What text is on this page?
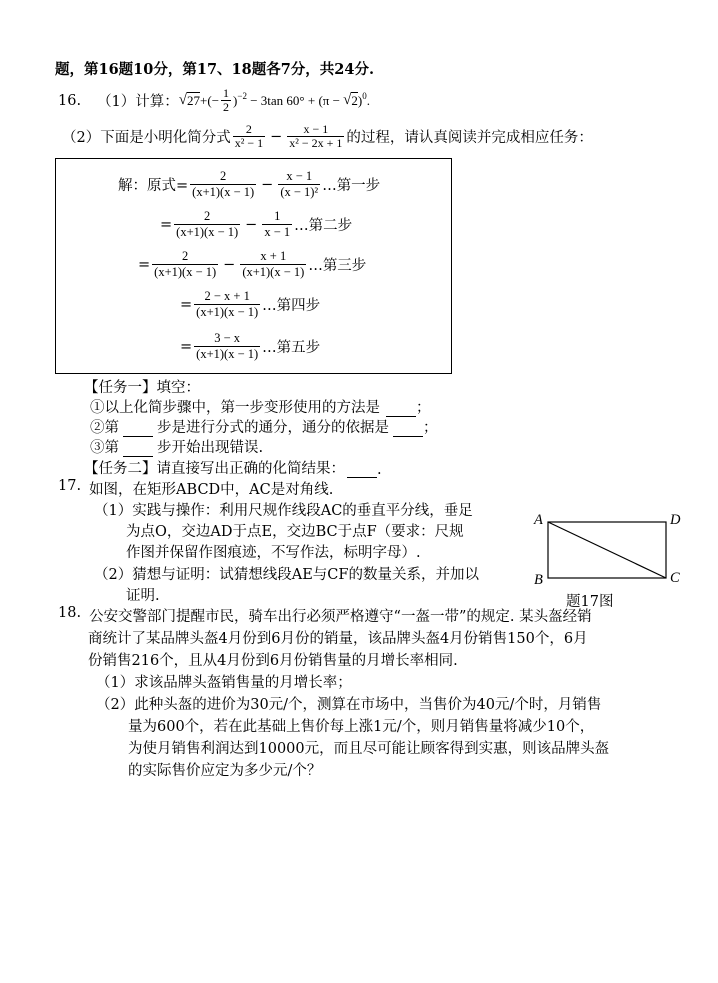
题，第16题10分，第17、18题各7分，共24分.
16. （1）计算： √ 27 +(− $\frac{1}{2} )^{-2} - 3\tan$ 60° + (π − √ 2 )$^0$ .
（2）下面是小明化简分式 $\frac{2}{\text{x² − 1}} - \frac{x - 1}{\text{x² − 2x + 1}}$ 的过程，请认真阅读并完成相应任务：
解：原式= $\frac{2}{(x+1)(x - 1)} - \frac{x - 1}{\text{(x − 1)²}}$ …第一步
= $\frac{2}{(x+1)(x - 1)} - \frac{1}{x - 1}$ …第二步
= $\frac{2}{(x+1)(x - 1)} - \frac{x + 1}{(x+1)(x - 1)}$ …第三步
= $\frac{2 - x + 1}{(x+1)(x - 1)}$ …第四步
= $\frac{3 - x}{(x+1)(x - 1)}$ …第五步
【任务一】填空：
①以上化简步骤中，第一步变形使用的方法是 ；
②第	步是进行分式的通分，通分的依据是 ；
③第	步开始出现错误.
【任务二】请直接写出正确的化简结果： .
17. 如图，在矩形ABCD中，AC是对角线.
（1）实践与操作：利用尺规作线段AC的垂直平分线，垂足
为点O，交边AD于点E，交边BC于点F（要求：尺规
作图并保留作图痕迹，不写作法，标明字母）.
（2）猜想与证明：试猜想线段AE与CF的数量关系，并加以
证明.
A	D
B	C
题17图
18. 公安交警部门提醒市民，骑车出行必须严格遵守“一盔一带”的规定. 某头盔经销
商统计了某品牌头盔4月份到6月份的销量，该品牌头盔4月份销售150个，6月
份销售216个，且从4月份到6月份销售量的月增长率相同.
（1）求该品牌头盔销售量的月增长率；
（2）此种头盔的进价为30元/个，测算在市场中，当售价为40元/个时，月销售
量为600个，若在此基础上售价每上涨1元/个，则月销售量将减少10个，
为使月销售利润达到10000元，而且尽可能让顾客得到实惠，则该品牌头盔
的实际售价应定为多少元/个？
